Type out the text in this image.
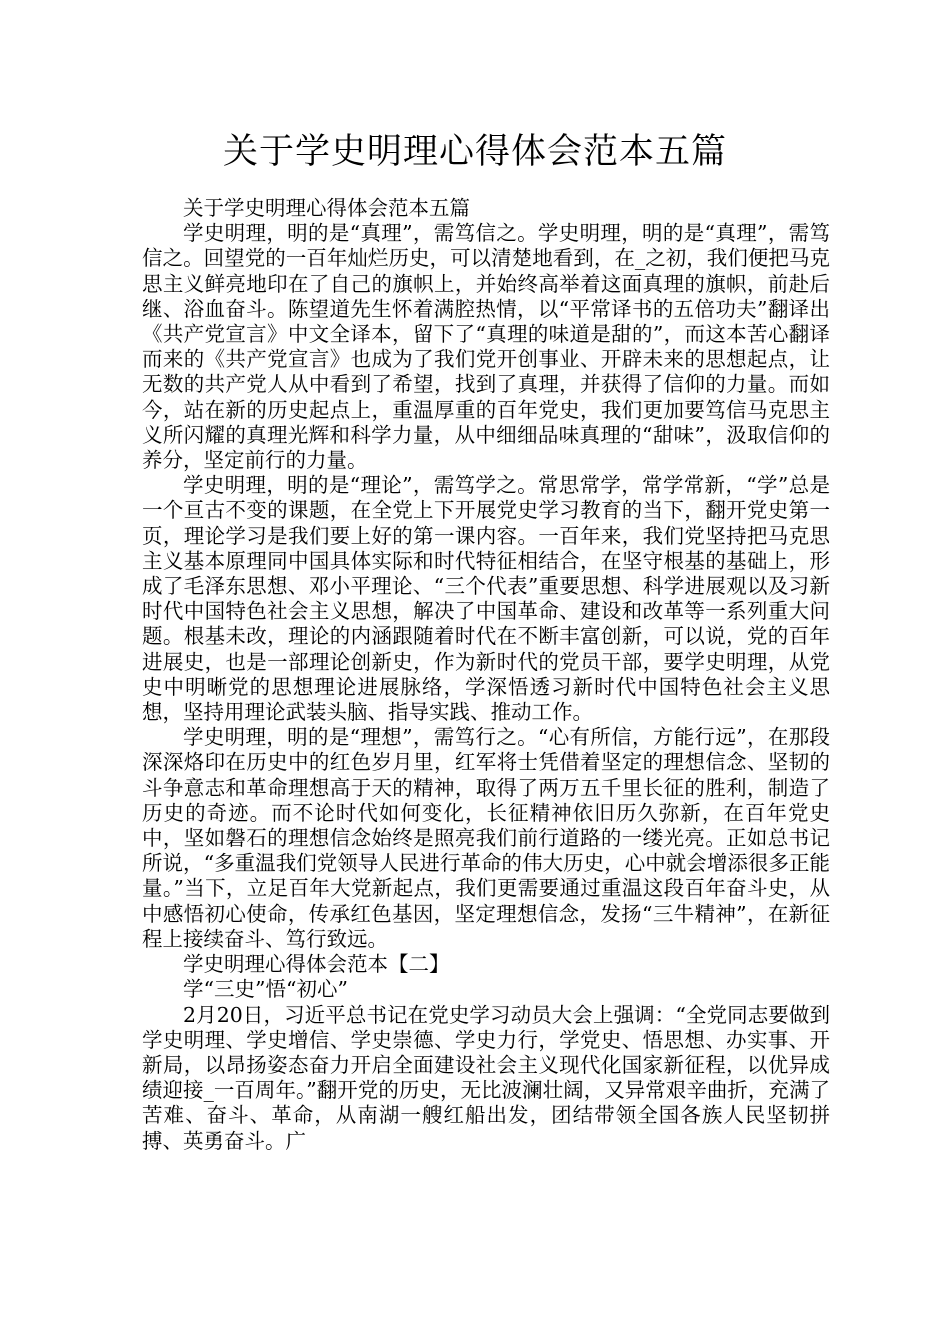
关于学史明理心得体会范本五篇

关于学史明理心得体会范本五篇

学史明理，明的是“真理”，需笃信之。学史明理，明的是“真理”，需笃信之。回望党的一百年灿烂历史，可以清楚地看到，在_之初，我们便把马克思主义鲜亮地印在了自己的旗帜上，并始终高举着这面真理的旗帜，前赴后继、浴血奋斗。陈望道先生怀着满腔热情，以“平常译书的五倍功夫”翻译出《共产党宣言》中文全译本，留下了“真理的味道是甜的”，而这本苦心翻译而来的《共产党宣言》也成为了我们党开创事业、开辟未来的思想起点，让无数的共产党人从中看到了希望，找到了真理，并获得了信仰的力量。而如今，站在新的历史起点上，重温厚重的百年党史，我们更加要笃信马克思主义所闪耀的真理光辉和科学力量，从中细细品味真理的“甜味”，汲取信仰的养分，坚定前行的力量。

学史明理，明的是“理论”，需笃学之。常思常学，常学常新，“学”总是一个亘古不变的课题，在全党上下开展党史学习教育的当下，翻开党史第一页，理论学习是我们要上好的第一课内容。一百年来，我们党坚持把马克思主义基本原理同中国具体实际和时代特征相结合，在坚守根基的基础上，形成了毛泽东思想、邓小平理论、“三个代表”重要思想、科学进展观以及习新时代中国特色社会主义思想，解决了中国革命、建设和改革等一系列重大问题。根基未改，理论的内涵跟随着时代在不断丰富创新，可以说，党的百年进展史，也是一部理论创新史，作为新时代的党员干部，要学史明理，从党史中明晰党的思想理论进展脉络，学深悟透习新时代中国特色社会主义思想，坚持用理论武装头脑、指导实践、推动工作。

学史明理，明的是“理想”，需笃行之。“心有所信，方能行远”，在那段深深烙印在历史中的红色岁月里，红军将士凭借着坚定的理想信念、坚韧的斗争意志和革命理想高于天的精神，取得了两万五千里长征的胜利，制造了历史的奇迹。而不论时代如何变化，长征精神依旧历久弥新，在百年党史中，坚如磐石的理想信念始终是照亮我们前行道路的一缕光亮。正如总书记所说，“多重温我们党领导人民进行革命的伟大历史，心中就会增添很多正能量。”当下，立足百年大党新起点，我们更需要通过重温这段百年奋斗史，从中感悟初心使命，传承红色基因，坚定理想信念，发扬“三牛精神”，在新征程上接续奋斗、笃行致远。

学史明理心得体会范本【二】

学“三史”悟“初心”

2月20日，习近平总书记在党史学习动员大会上强调：“全党同志要做到学史明理、学史增信、学史崇德、学史力行，学党史、悟思想、办实事、开新局，以昂扬姿态奋力开启全面建设社会主义现代化国家新征程，以优异成绩迎接_一百周年。”翻开党的历史，无比波澜壮阔，又异常艰辛曲折，充满了苦难、奋斗、革命，从南湖一艘红船出发，团结带领全国各族人民坚韧拼搏、英勇奋斗。广
